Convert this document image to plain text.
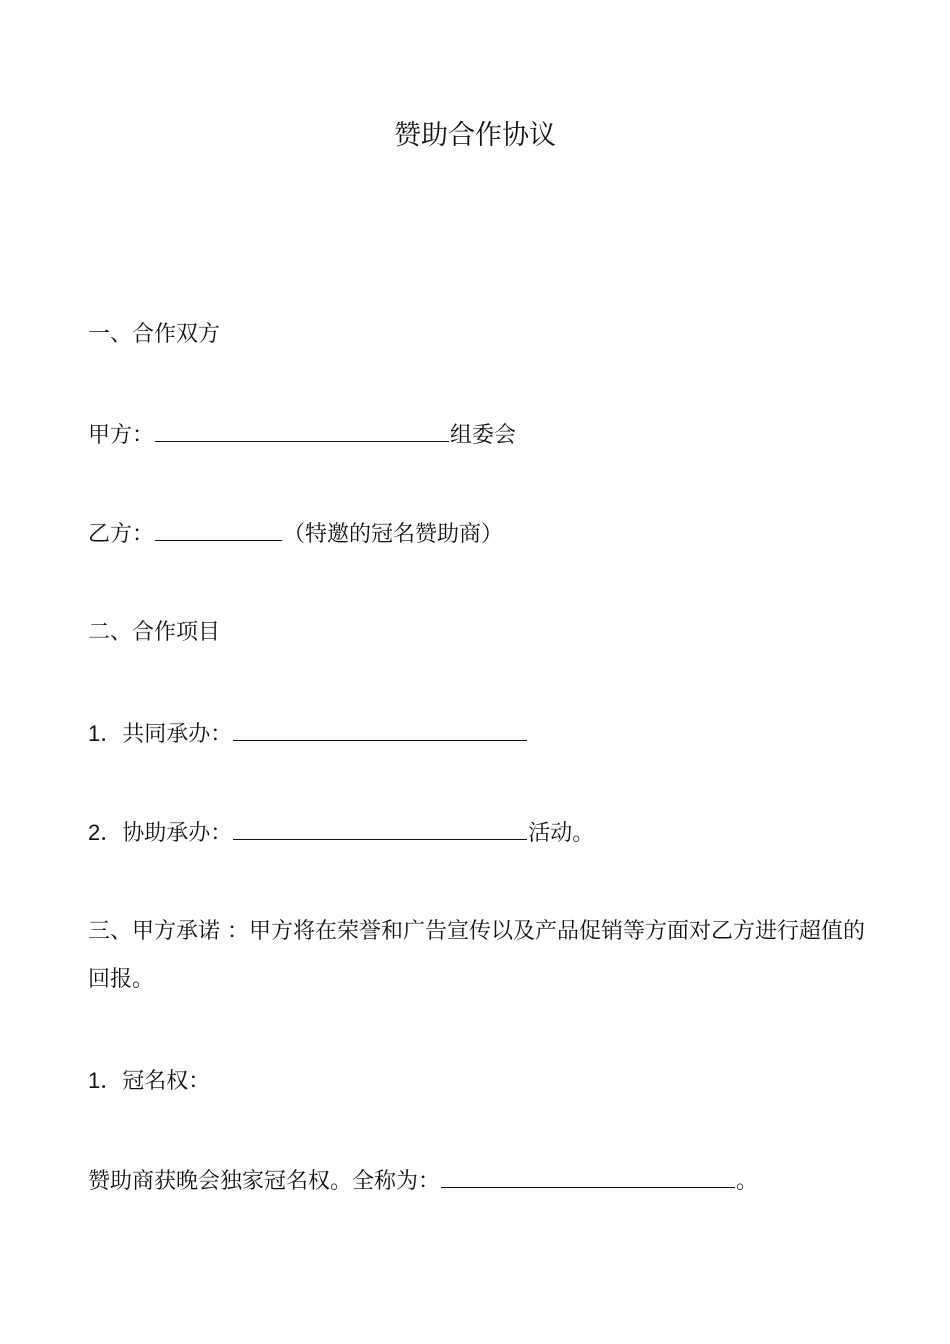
赞助合作协议
一、合作双方
甲方：	组委会
乙方：	（特邀的冠名赞助商）
二、合作项目
1．共同承办：
2．协助承办：	活动。
三、甲方承诺 ：甲方将在荣誉和广告宣传以及产品促销等方面对乙方进行超值的回报。
1．冠名权：
赞助商获晚会独家冠名权。全称为：	。
